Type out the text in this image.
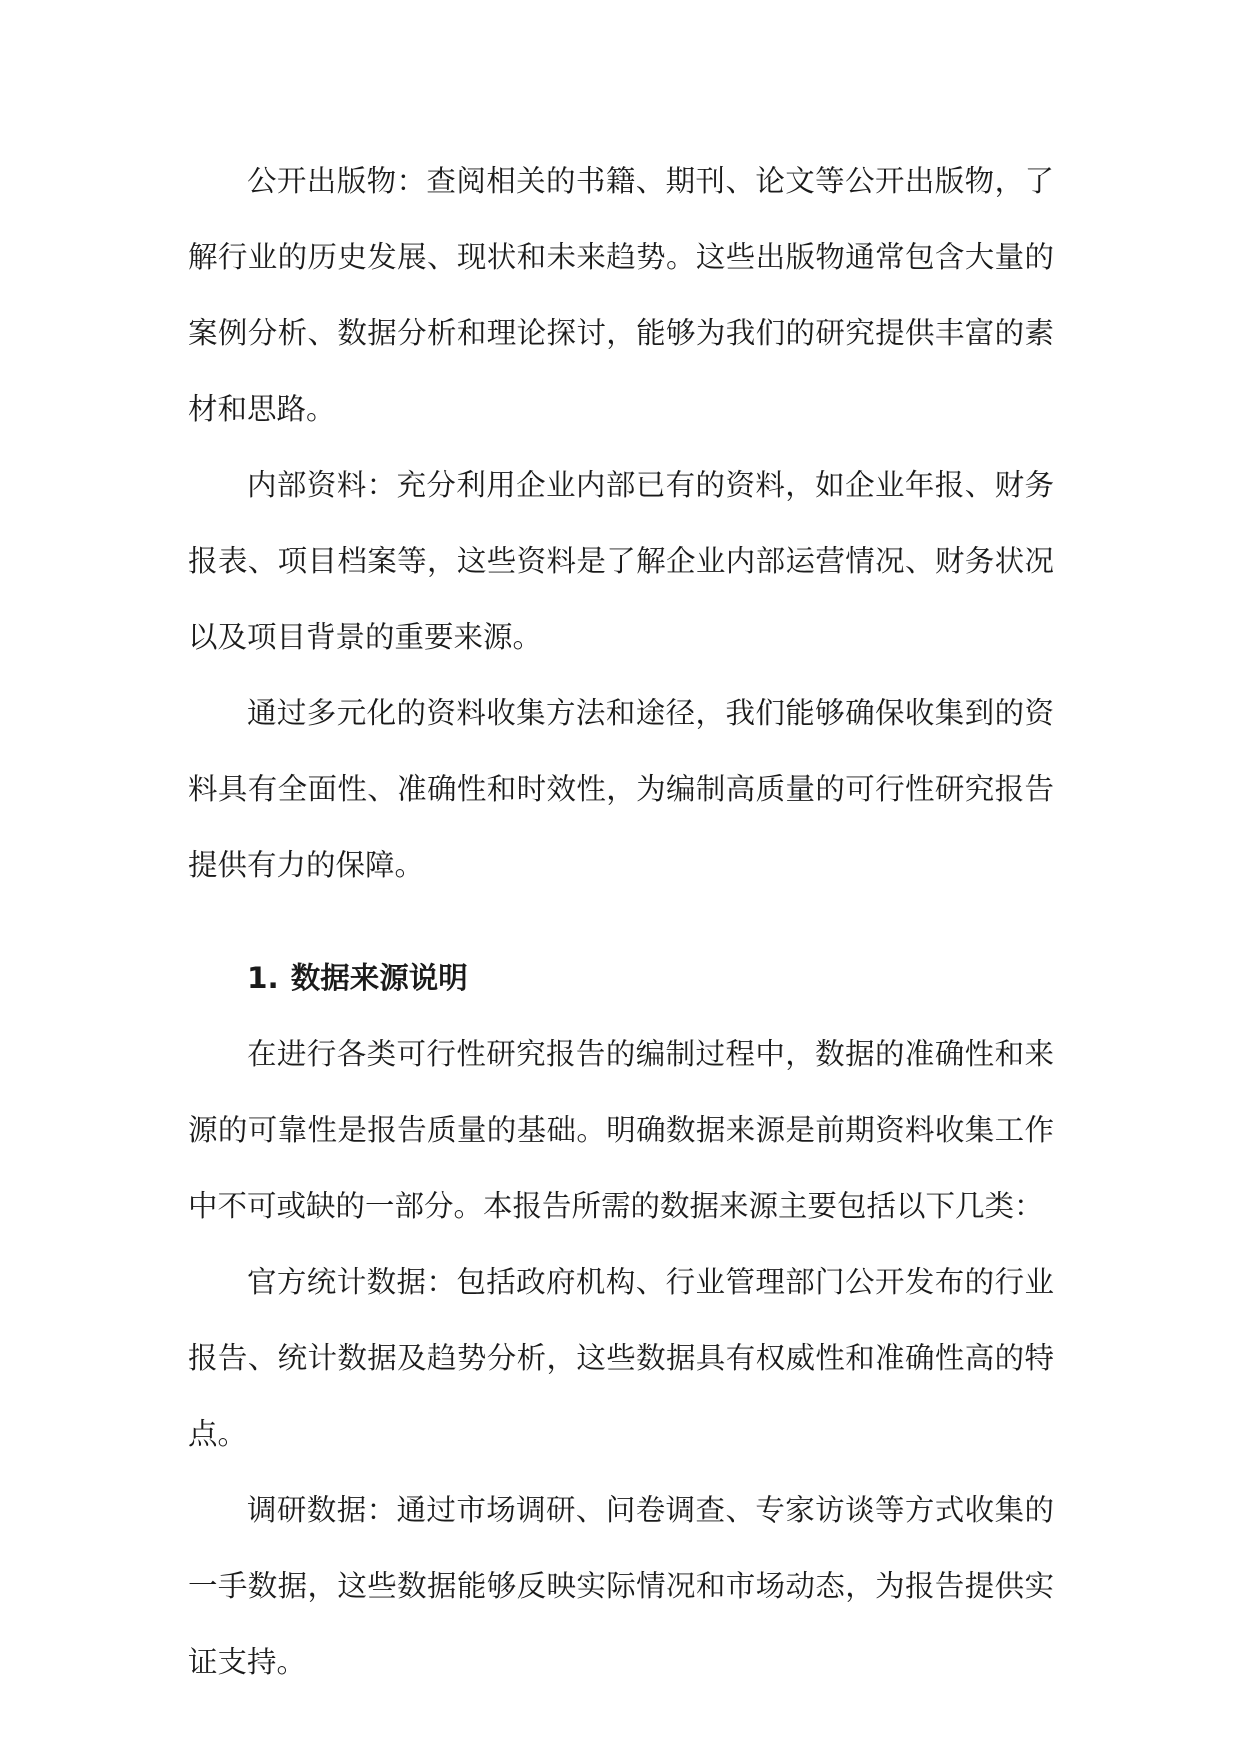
公开出版物：查阅相关的书籍、期刊、论文等公开出版物，了解行业的历史发展、现状和未来趋势。这些出版物通常包含大量的案例分析、数据分析和理论探讨，能够为我们的研究提供丰富的素材和思路。

内部资料：充分利用企业内部已有的资料，如企业年报、财务报表、项目档案等，这些资料是了解企业内部运营情况、财务状况以及项目背景的重要来源。

通过多元化的资料收集方法和途径，我们能够确保收集到的资料具有全面性、准确性和时效性，为编制高质量的可行性研究报告提供有力的保障。

1. 数据来源说明

在进行各类可行性研究报告的编制过程中，数据的准确性和来源的可靠性是报告质量的基础。明确数据来源是前期资料收集工作中不可或缺的一部分。本报告所需的数据来源主要包括以下几类：

官方统计数据：包括政府机构、行业管理部门公开发布的行业报告、统计数据及趋势分析，这些数据具有权威性和准确性高的特点。

调研数据：通过市场调研、问卷调查、专家访谈等方式收集的一手数据，这些数据能够反映实际情况和市场动态，为报告提供实证支持。
